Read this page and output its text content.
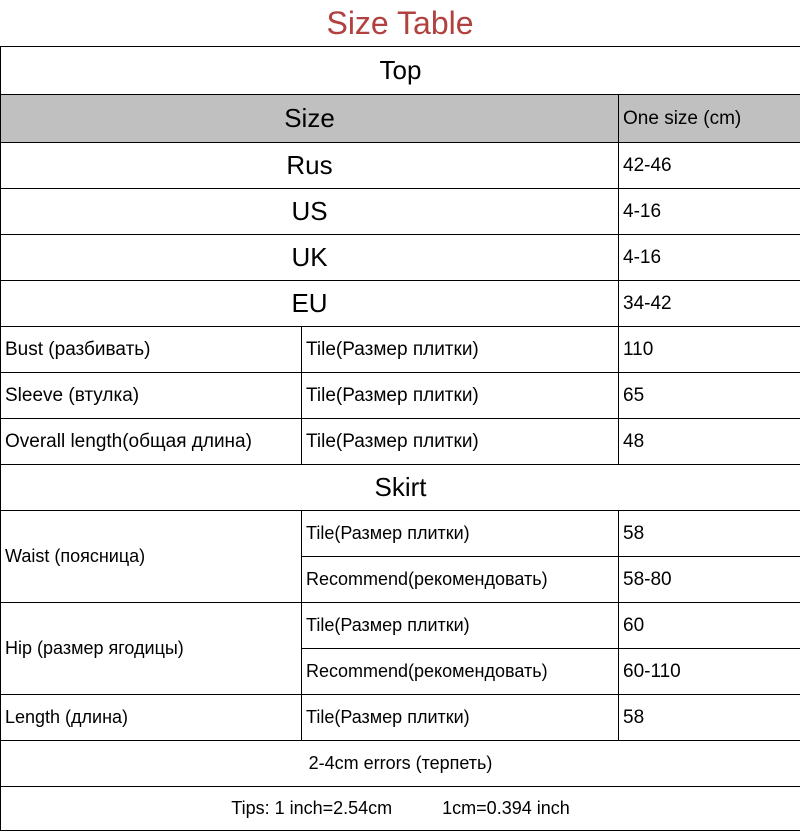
Size Table
Top		
Size		One size (cm)
Rus		42-46
US		4-16
UK		4-16
EU		34-42
Bust (разбивать)	Tile(Размер плитки)	110
Sleeve (втулка)	Tile(Размер плитки)	65
Overall length(общая длина)	Tile(Размер плитки)	48
Skirt		
Waist (поясница)	Tile(Размер плитки)	58
	Recommend(рекомендовать)	58-80
Hip (размер ягодицы)	Tile(Размер плитки)	60
	Recommend(рекомендовать)	60-110
Length (длина)	Tile(Размер плитки)	58
2-4cm errors (терпеть)		
Tips: 1 inch=2.54cm          1cm=0.394 inch		
